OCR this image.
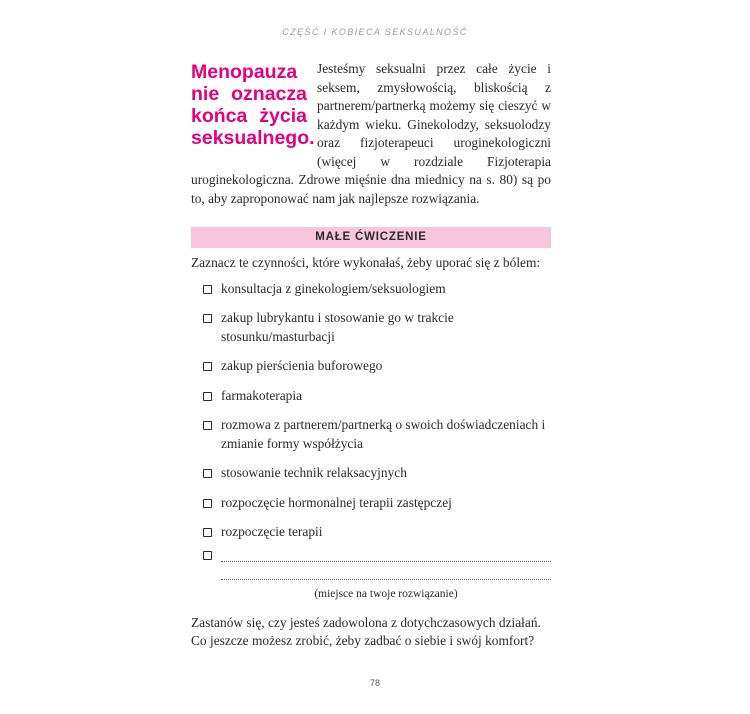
CZĘŚĆ I KOBIECA SEKSUALNOŚĆ
Menopauza nie oznacza końca życia seksualnego.
Jesteśmy seksualni przez całe życie i seksem, zmysłowością, bliskością z partnerem/partnerką możemy się cieszyć w każdym wieku. Ginekolodzy, seksuolodzy oraz fizjoterapeuci uroginekologiczni (więcej w rozdziale Fizjoterapia uroginekologiczna. Zdrowe mięśnie dna miednicy na s. 80) są po to, aby zaproponować nam jak najlepsze rozwiązania.
MAŁE ĆWICZENIE
Zaznacz te czynności, które wykonałaś, żeby uporać się z bólem:
konsultacja z ginekologiem/seksuologiem
zakup lubrykantu i stosowanie go w trakcie stosunku/masturbacji
zakup pierścienia buforowego
farmakoterapia
rozmowa z partnerem/partnerką o swoich doświadczeniach i zmianie formy współżycia
stosowanie technik relaksacyjnych
rozpoczęcie hormonalnej terapii zastępczej
rozpoczęcie terapii
(miejsce na twoje rozwiązanie)
Zastanów się, czy jesteś zadowolona z dotychczasowych działań. Co jeszcze możesz zrobić, żeby zadbać o siebie i swój komfort?
78
